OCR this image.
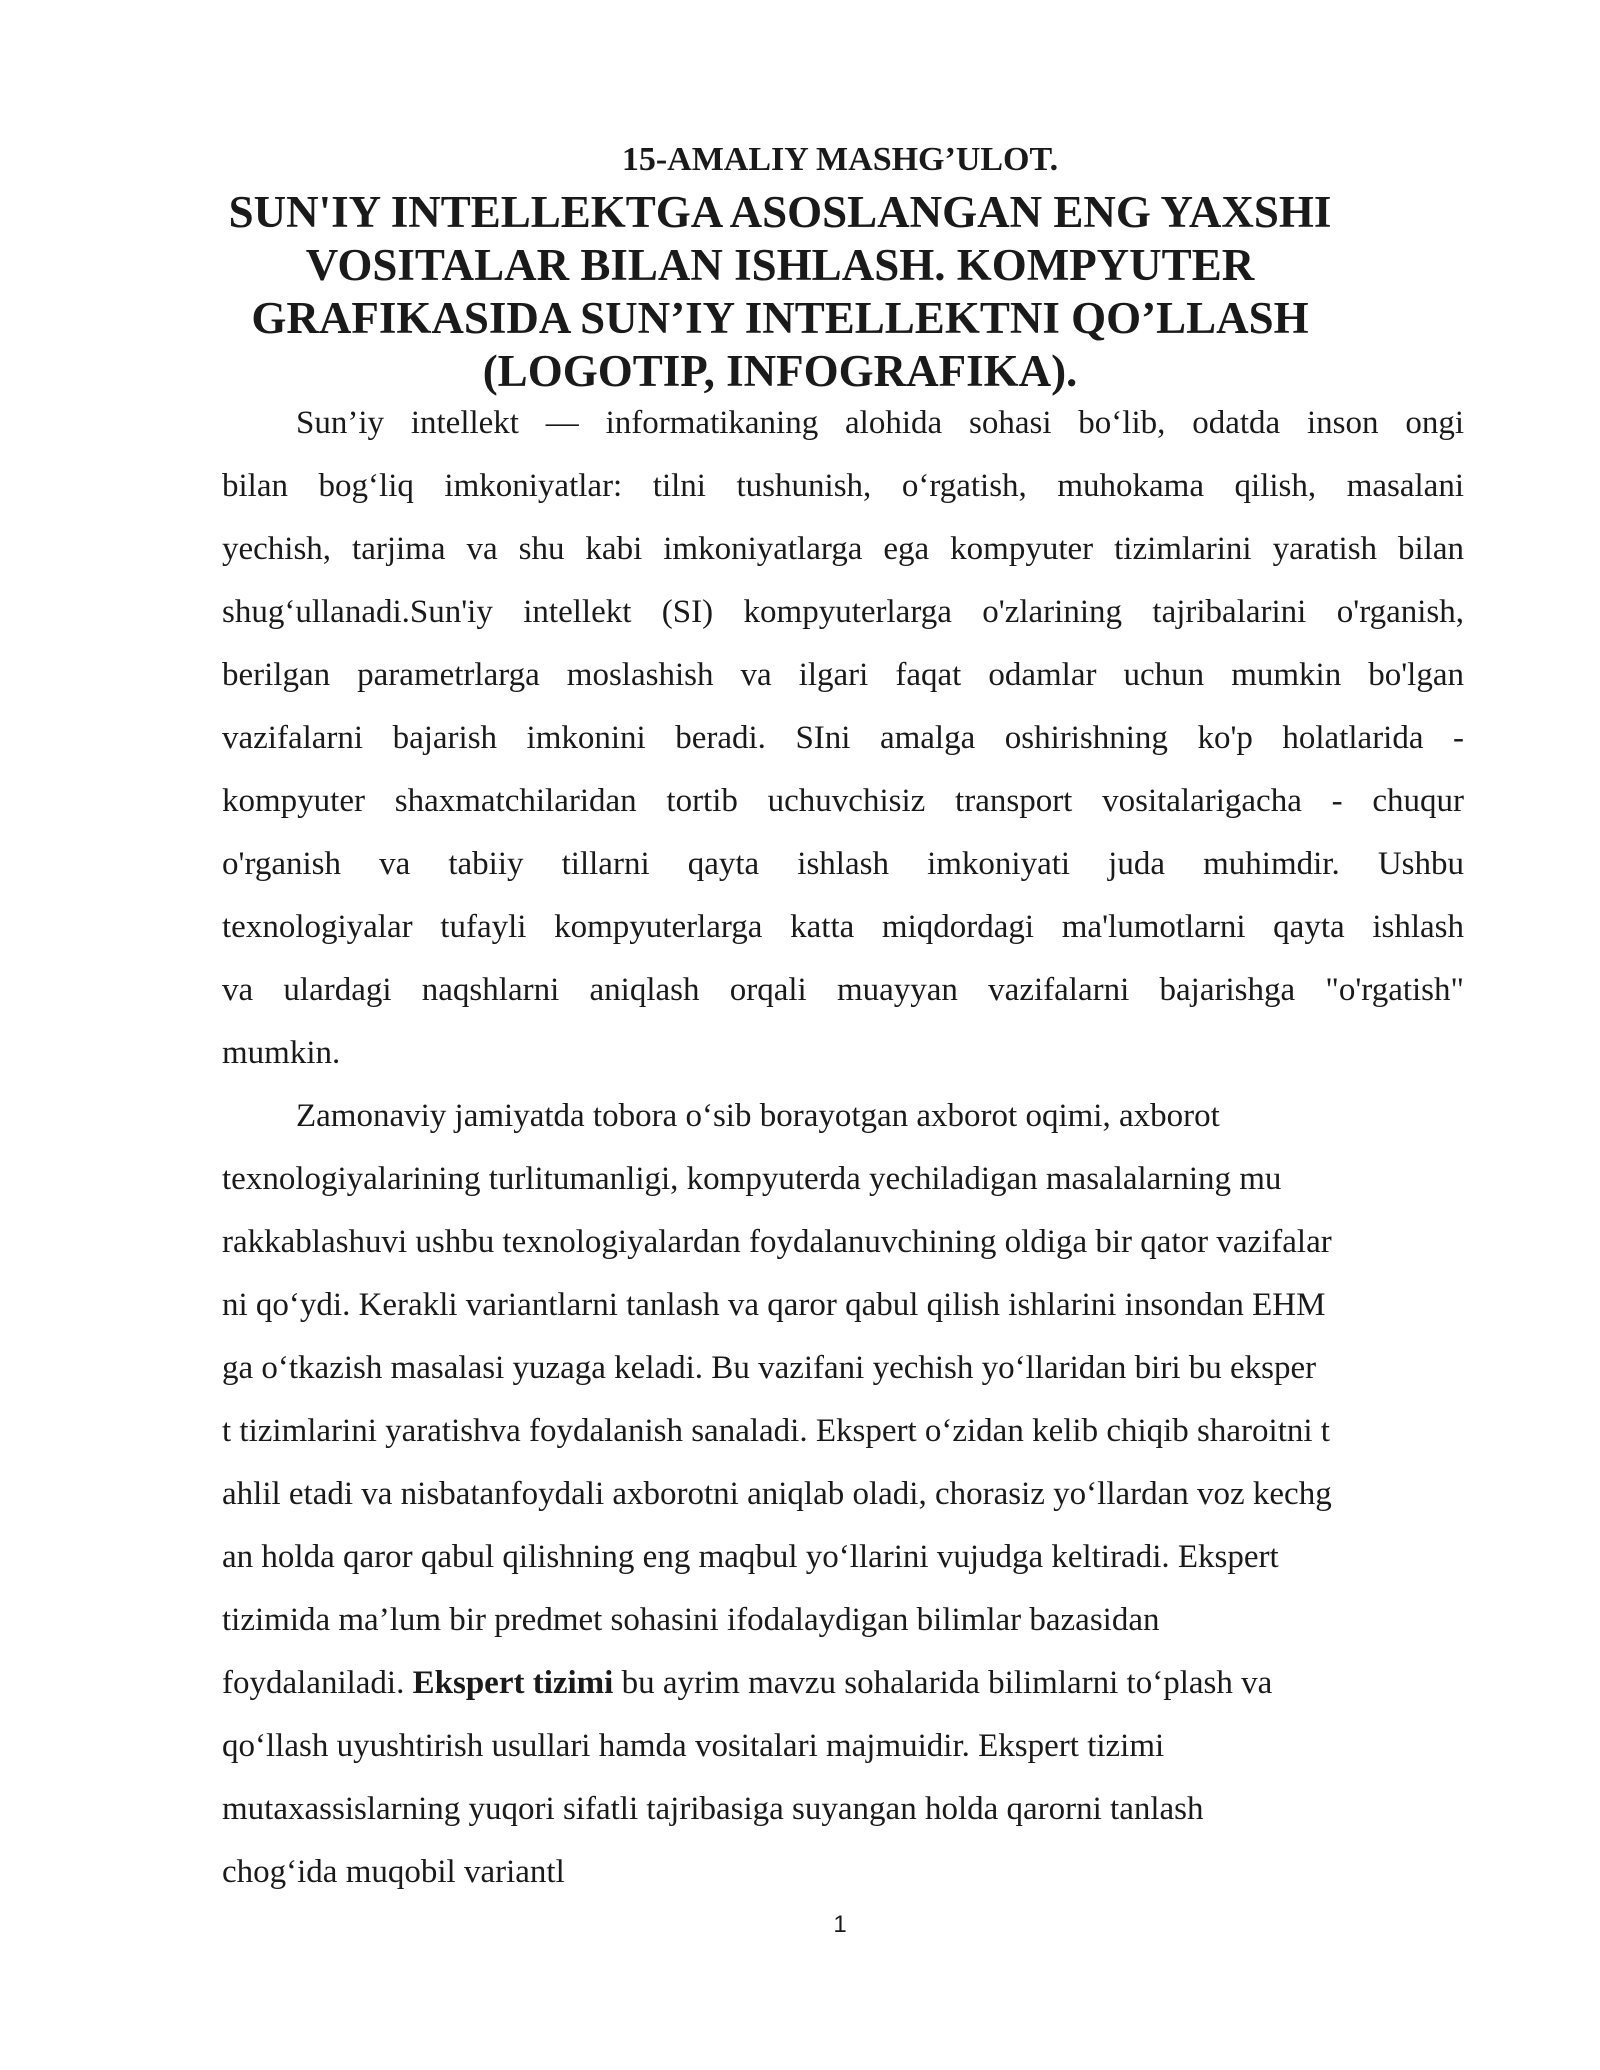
15-AMALIY MASHG’ULOT.
SUN'IY INTELLEKTGA ASOSLANGAN ENG YAXSHI
VOSITALAR BILAN ISHLASH. KOMPYUTER
GRAFIKASIDA SUN’IY INTELLEKTNI QO’LLASH
(LOGOTIP, INFOGRAFIKA).

Sun’iy intellekt — informatikaning alohida sohasi bo‘lib, odatda inson ongi
bilan bog‘liq imkoniyatlar: tilni tushunish, o‘rgatish, muhokama qilish, masalani
yechish, tarjima va shu kabi imkoniyatlarga ega kompyuter tizimlarini yaratish bilan
shug‘ullanadi.Sun'iy intellekt (SI) kompyuterlarga o'zlarining tajribalarini o'rganish,
berilgan parametrlarga moslashish va ilgari faqat odamlar uchun mumkin bo'lgan
vazifalarni bajarish imkonini beradi. SIni amalga oshirishning ko'p holatlarida -
kompyuter shaxmatchilaridan tortib uchuvchisiz transport vositalarigacha - chuqur
o'rganish va tabiiy tillarni qayta ishlash imkoniyati juda muhimdir. Ushbu
texnologiyalar tufayli kompyuterlarga katta miqdordagi ma'lumotlarni qayta ishlash
va ulardagi naqshlarni aniqlash orqali muayyan vazifalarni bajarishga "o'rgatish"
mumkin.

Zamonaviy jamiyatda tobora o‘sib borayotgan axborot oqimi, axborot
texnologiyalarining turlitumanligi, kompyuterda yechiladigan masalalarning mu
rakkablashuvi ushbu texnologiyalardan foydalanuvchining oldiga bir qator vazifalar
ni qo‘ydi. Kerakli variantlarni tanlash va qaror qabul qilish ishlarini insondan EHM
ga o‘tkazish masalasi yuzaga keladi. Bu vazifani yechish yo‘llaridan biri bu eksper
t tizimlarini yaratishva foydalanish sanaladi. Ekspert o‘zidan kelib chiqib sharoitni t
ahlil etadi va nisbatanfoydali axborotni aniqlab oladi, chorasiz yo‘llardan voz kechg
an holda qaror qabul qilishning eng maqbul yo‘llarini vujudga keltiradi. Ekspert
tizimida ma’lum bir predmet sohasini ifodalaydigan bilimlar bazasidan
foydalaniladi. Ekspert tizimi bu ayrim mavzu sohalarida bilimlarni to‘plash va
qo‘llash uyushtirish usullari hamda vositalari majmuidir. Ekspert tizimi
mutaxassislarning yuqori sifatli tajribasiga suyangan holda qarorni tanlash
chog‘ida muqobil variantl

1
